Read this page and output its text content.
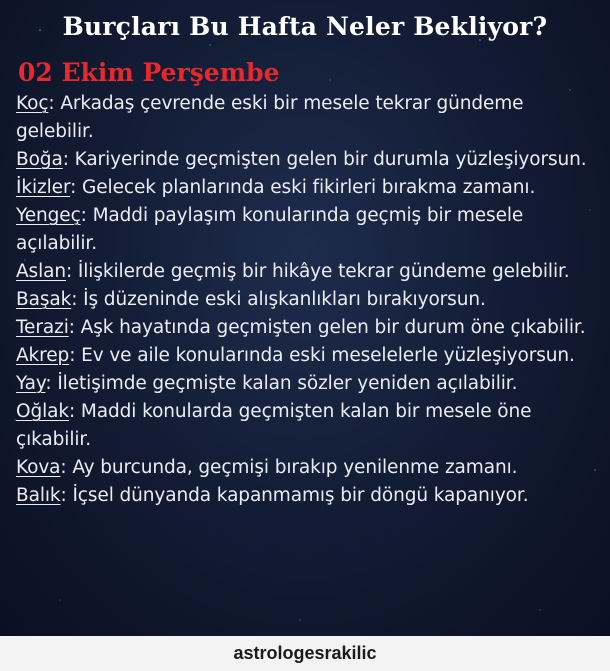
Burçları Bu Hafta Neler Bekliyor?
02 Ekim Perşembe
Koç: Arkadaş çevrende eski bir mesele tekrar gündeme gelebilir.
Boğa: Kariyerinde geçmişten gelen bir durumla yüzleşiyorsun.
İkizler: Gelecek planlarında eski fikirleri bırakma zamanı.
Yengeç: Maddi paylaşım konularında geçmiş bir mesele açılabilir.
Aslan: İlişkilerde geçmiş bir hikâye tekrar gündeme gelebilir.
Başak: İş düzeninde eski alışkanlıkları bırakıyorsun.
Terazi: Aşk hayatında geçmişten gelen bir durum öne çıkabilir.
Akrep: Ev ve aile konularında eski meselelerle yüzleşiyorsun.
Yay: İletişimde geçmişte kalan sözler yeniden açılabilir.
Oğlak: Maddi konularda geçmişten kalan bir mesele öne çıkabilir.
Kova: Ay burcunda, geçmişi bırakıp yenilenme zamanı.
Balık: İçsel dünyanda kapanmamış bir döngü kapanıyor.
astrologesrakilic
